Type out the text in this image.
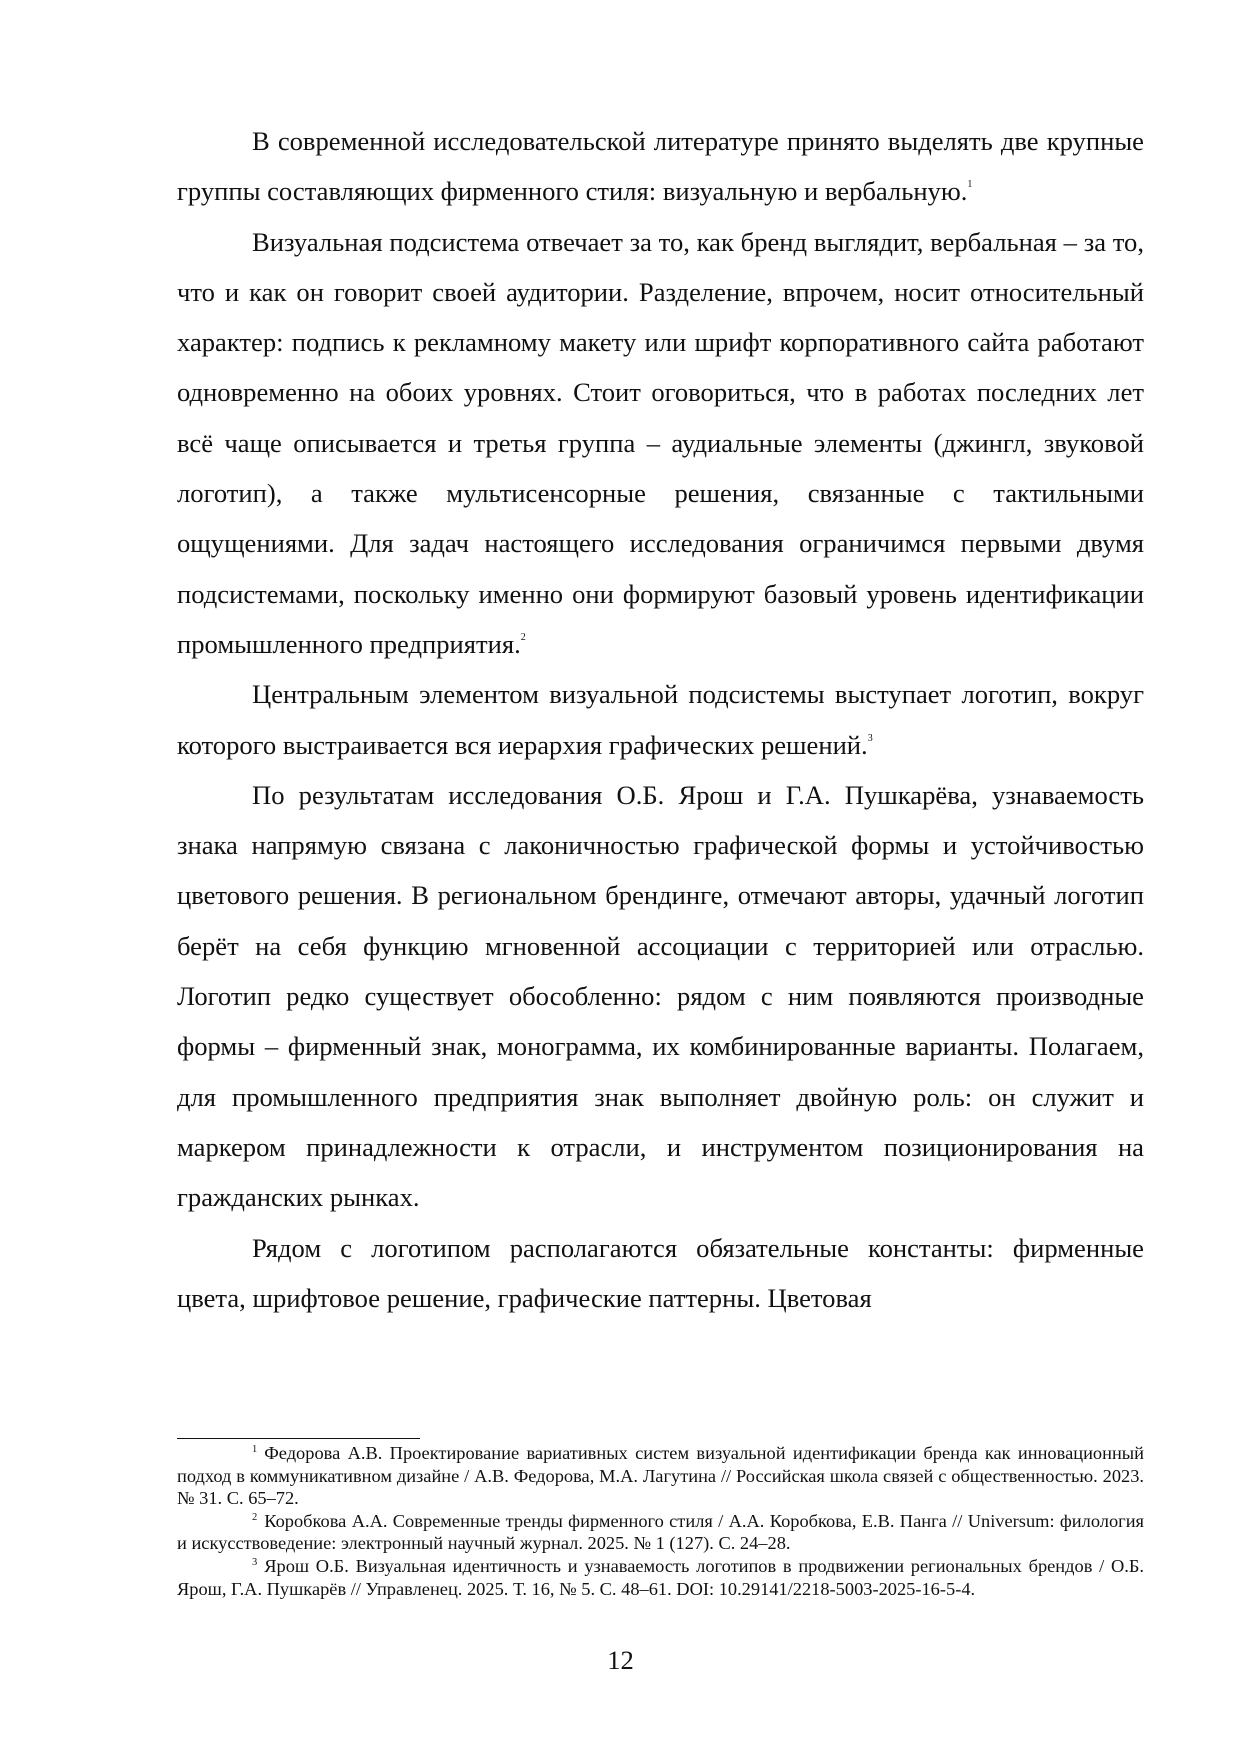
В современной исследовательской литературе принято выделять две крупные группы составляющих фирменного стиля: визуальную и вербальную.$^1$

Визуальная подсистема отвечает за то, как бренд выглядит, вербальная – за то, что и как он говорит своей аудитории. Разделение, впрочем, носит относительный характер: подпись к рекламному макету или шрифт корпоративного сайта работают одновременно на обоих уровнях. Стоит оговориться, что в работах последних лет всё чаще описывается и третья группа – аудиальные элементы (джингл, звуковой логотип), а также мультисенсорные решения, связанные с тактильными ощущениями. Для задач настоящего исследования ограничимся первыми двумя подсистемами, поскольку именно они формируют базовый уровень идентификации промышленного предприятия.$^2$

Центральным элементом визуальной подсистемы выступает логотип, вокруг которого выстраивается вся иерархия графических решений.$^3$

По результатам исследования О.Б. Ярош и Г.А. Пушкарёва, узнаваемость знака напрямую связана с лаконичностью графической формы и устойчивостью цветового решения. В региональном брендинге, отмечают авторы, удачный логотип берёт на себя функцию мгновенной ассоциации с территорией или отраслью. Логотип редко существует обособленно: рядом с ним появляются производные формы – фирменный знак, монограмма, их комбинированные варианты. Полагаем, для промышленного предприятия знак выполняет двойную роль: он служит и маркером принадлежности к отрасли, и инструментом позиционирования на гражданских рынках.

Рядом с логотипом располагаются обязательные константы: фирменные цвета, шрифтовое решение, графические паттерны. Цветовая

$^1$ Федорова А.В. Проектирование вариативных систем визуальной идентификации бренда как инновационный подход в коммуникативном дизайне / А.В. Федорова, М.А. Лагутина // Российская школа связей с общественностью. 2023. № 31. С. 65–72.

$^2$ Коробкова А.А. Современные тренды фирменного стиля / А.А. Коробкова, Е.В. Панга // Universum: филология и искусствоведение: электронный научный журнал. 2025. № 1 (127). С. 24–28.

$^3$ Ярош О.Б. Визуальная идентичность и узнаваемость логотипов в продвижении региональных брендов / О.Б. Ярош, Г.А. Пушкарёв // Управленец. 2025. Т. 16, № 5. С. 48–61. DOI: 10.29141/2218-5003-2025-16-5-4.

12
